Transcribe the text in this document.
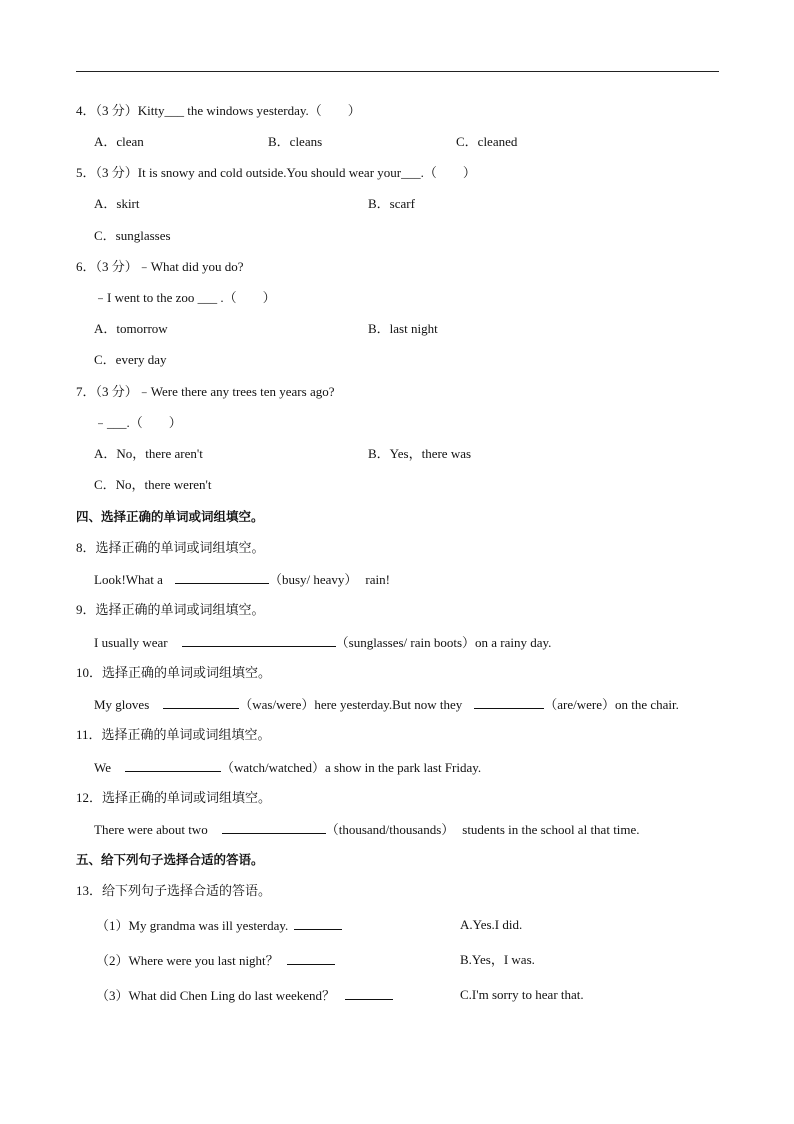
4．（3 分）Kitty___ the windows yesterday.（　　）
A．clean	B．cleans	C．cleaned
5．（3 分）It is snowy and cold outside.You should wear your___.（　　）
A．skirt	B．scarf
C．sunglasses
6．（3 分）﹣What did you do?
﹣I went to the zoo ___ .（　　）
A．tomorrow	B．last night
C．every day
7．（3 分）﹣Were there any trees ten years ago?
﹣___.（　　）
A．No，there aren't	B．Yes，there was
C．No，there weren't
四、选择正确的单词或词组填空。
8．选择正确的单词或词组填空。
Look!What a	（busy/ heavy） rain!
9．选择正确的单词或词组填空。
I usually wear	（sunglasses/ rain boots）on a rainy day.
10．选择正确的单词或词组填空。
My gloves	（was/were）here yesterday.But now they	（are/were）on the chair.
11．选择正确的单词或词组填空。
We	（watch/watched）a show in the park last Friday.
12．选择正确的单词或词组填空。
There were about two	（thousand/thousands） students in the school al that time.
五、给下列句子选择合适的答语。
13．给下列句子选择合适的答语。
（1）My grandma was ill yesterday.	A.Yes.I did.
（2）Where were you last night？	B.Yes，I was.
（3）What did Chen Ling do last weekend？	C.I'm sorry to hear that.
